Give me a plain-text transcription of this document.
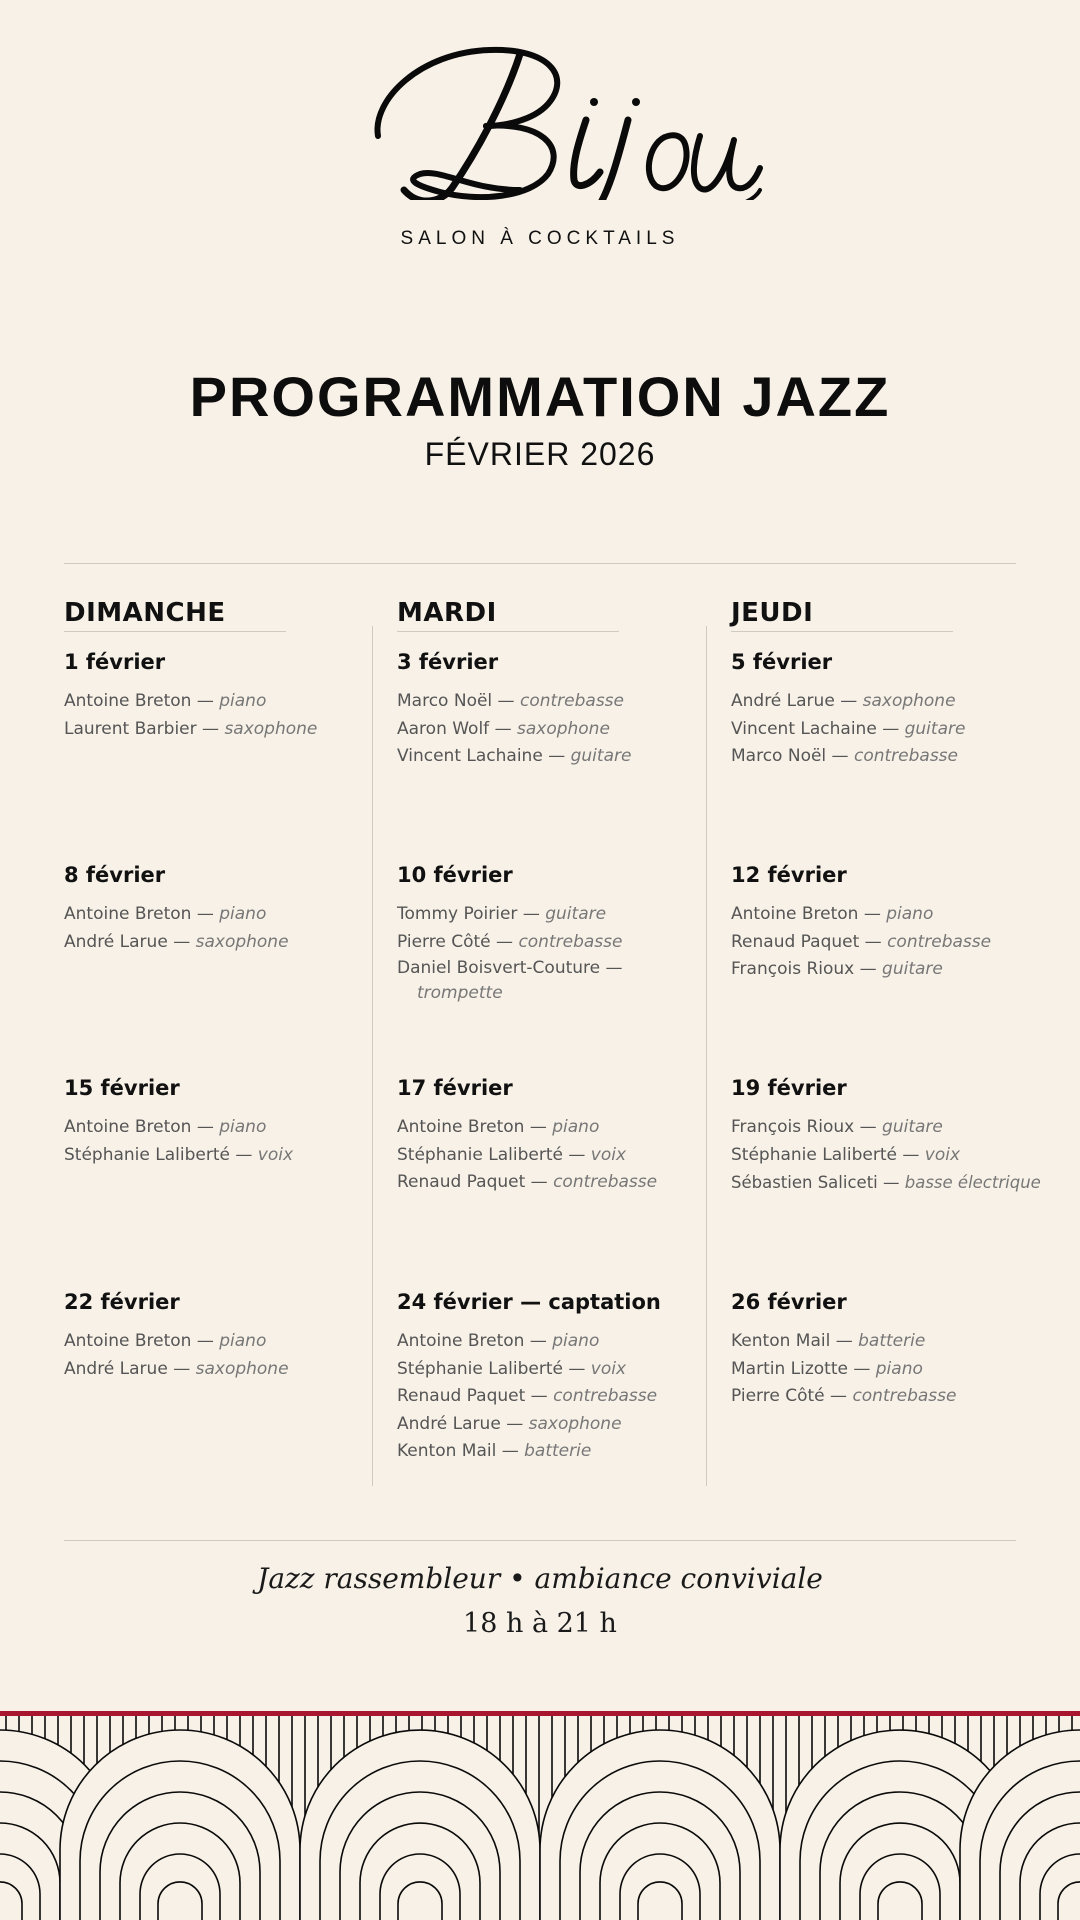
SALON À COCKTAILS
PROGRAMMATION JAZZ
FÉVRIER 2026
DIMANCHE
1 février
Antoine Breton — piano
Laurent Barbier — saxophone
8 février
Antoine Breton — piano
André Larue — saxophone
15 février
Antoine Breton — piano
Stéphanie Laliberté — voix
22 février
Antoine Breton — piano
André Larue — saxophone
MARDI
3 février
Marco Noël — contrebasse
Aaron Wolf — saxophone
Vincent Lachaine — guitare
10 février
Tommy Poirier — guitare
Pierre Côté — contrebasse
Daniel Boisvert-Couture —
trompette
17 février
Antoine Breton — piano
Stéphanie Laliberté — voix
Renaud Paquet — contrebasse
24 février — captation
Antoine Breton — piano
Stéphanie Laliberté — voix
Renaud Paquet — contrebasse
André Larue — saxophone
Kenton Mail — batterie
JEUDI
5 février
André Larue — saxophone
Vincent Lachaine — guitare
Marco Noël — contrebasse
12 février
Antoine Breton — piano
Renaud Paquet — contrebasse
François Rioux — guitare
19 février
François Rioux — guitare
Stéphanie Laliberté — voix
Sébastien Saliceti — basse électrique
26 février
Kenton Mail — batterie
Martin Lizotte — piano
Pierre Côté — contrebasse
Jazz rassembleur • ambiance conviviale
18 h à 21 h
